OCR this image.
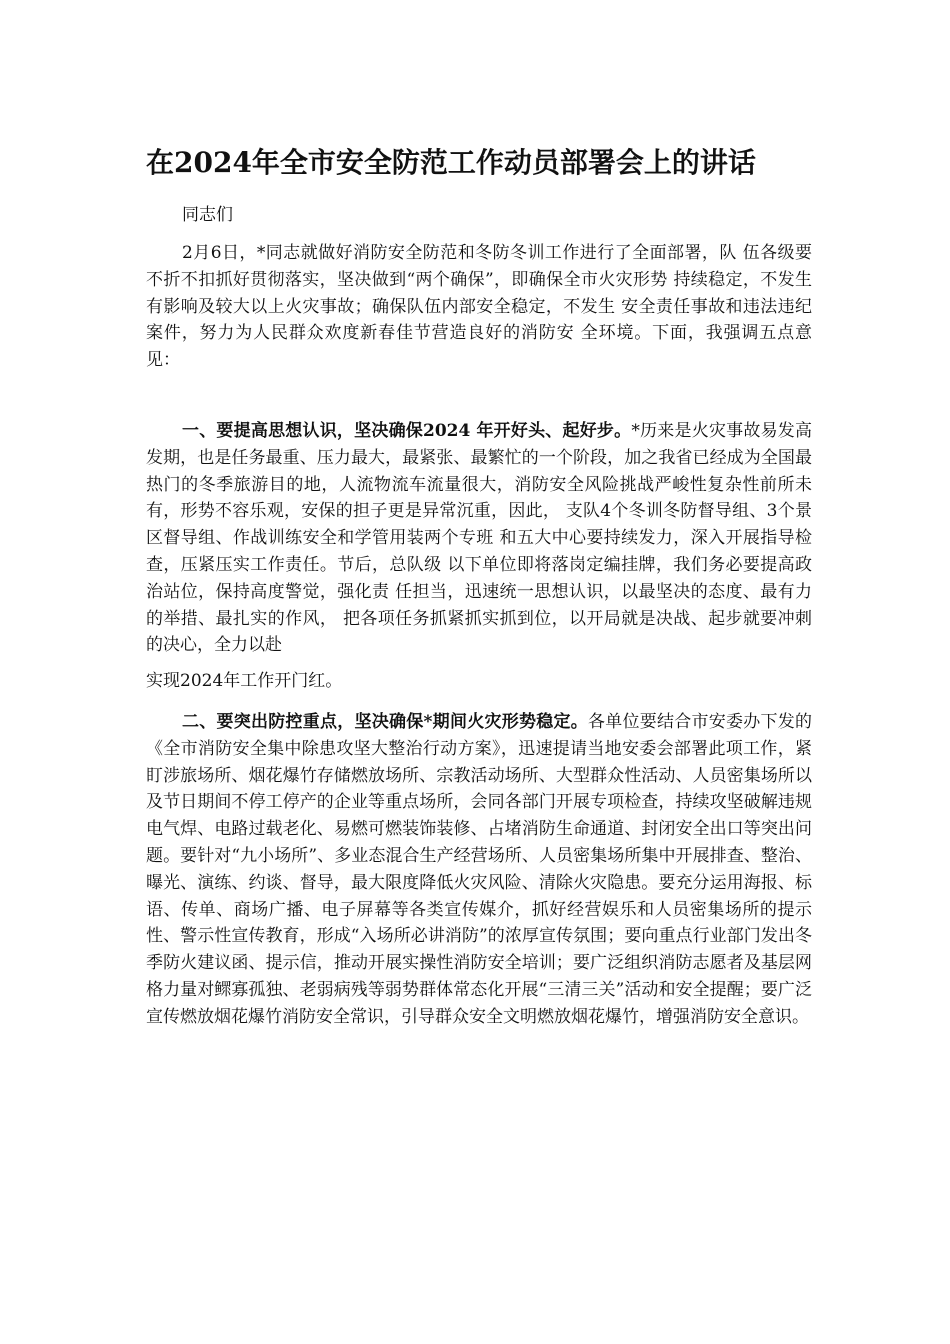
在2024年全市安全防范工作动员部署会上的讲话
同志们

2月6日，*同志就做好消防安全防范和冬防冬训工作进行了全面部署，队 伍各级要不折不扣抓好贯彻落实，坚决做到“两个确保”，即确保全市火灾形势 持续稳定，不发生有影响及较大以上火灾事故；确保队伍内部安全稳定，不发生 安全责任事故和违法违纪案件，努力为人民群众欢度新春佳节营造良好的消防安 全环境。下面，我强调五点意见：

一、要提高思想认识，坚决确保2024 年开好头、起好步。*历来是火灾事故易发高发期，也是任务最重、压力最大，最紧张、最繁忙的一个阶段，加之我省已经成为全国最热门的冬季旅游目的地，人流物流车流量很大，消防安全风险挑战严峻性复杂性前所未有，形势不容乐观，安保的担子更是异常沉重，因此， 支队4个冬训冬防督导组、3个景区督导组、作战训练安全和学管用装两个专班 和五大中心要持续发力，深入开展指导检查，压紧压实工作责任。节后，总队级 以下单位即将落岗定编挂牌，我们务必要提高政治站位，保持高度警觉，强化责 任担当，迅速统一思想认识，以最坚决的态度、最有力的举措、最扎实的作风， 把各项任务抓紧抓实抓到位，以开局就是决战、起步就要冲刺的决心，全力以赴

实现2024年工作开门红。

二、要突出防控重点，坚决确保*期间火灾形势稳定。各单位要结合市安委办下发的《全市消防安全集中除患攻坚大整治行动方案》，迅速提请当地安委会部署此项工作，紧盯涉旅场所、烟花爆竹存储燃放场所、宗教活动场所、大型群众性活动、人员密集场所以及节日期间不停工停产的企业等重点场所，会同各部门开展专项检查，持续攻坚破解违规电气焊、电路过载老化、易燃可燃装饰装修、占堵消防生命通道、封闭安全出口等突出问题。要针对“九小场所”、多业态混合生产经营场所、人员密集场所集中开展排查、整治、曝光、演练、约谈、督导，最大限度降低火灾风险、清除火灾隐患。要充分运用海报、标语、传单、商场广播、电子屏幕等各类宣传媒介，抓好经营娱乐和人员密集场所的提示性、警示性宣传教育，形成“入场所必讲消防”的浓厚宣传氛围；要向重点行业部门发出冬季防火建议函、提示信，推动开展实操性消防安全培训；要广泛组织消防志愿者及基层网格力量对鳏寡孤独、老弱病残等弱势群体常态化开展“三清三关”活动和安全提醒；要广泛宣传燃放烟花爆竹消防安全常识，引导群众安全文明燃放烟花爆竹，增强消防安全意识。
